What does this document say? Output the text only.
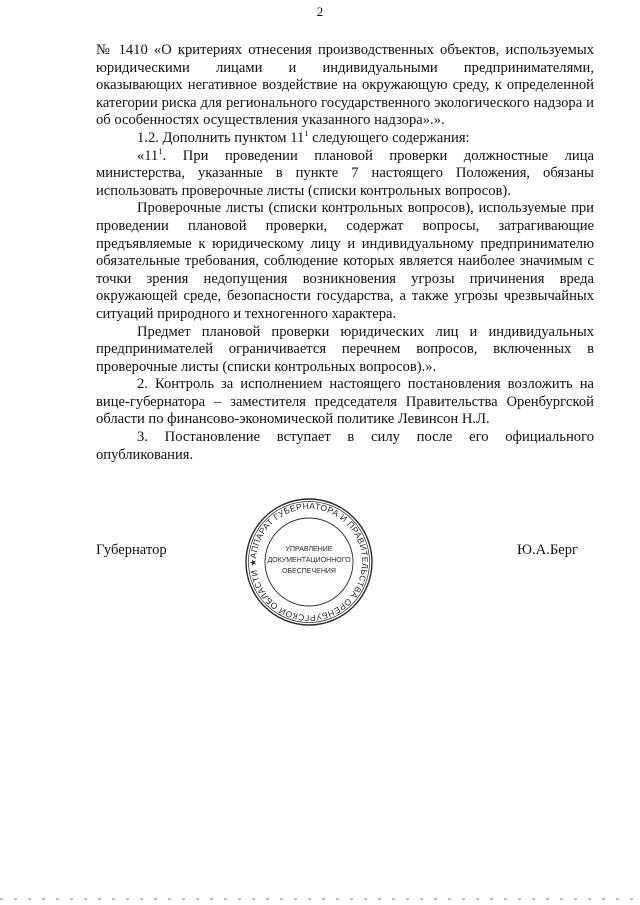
2

№ 1410 «О критериях отнесения производственных объектов, используемых юридическими лицами и индивидуальными предпринимателями, оказывающих негативное воздействие на окружающую среду, к определенной категории риска для регионального государственного экологического надзора и об особенностях осуществления указанного надзора».».

1.2. Дополнить пунктом $11^1$ следующего содержания:

«$11^1$. При проведении плановой проверки должностные лица министерства, указанные в пункте 7 настоящего Положения, обязаны использовать проверочные листы (списки контрольных вопросов).

Проверочные листы (списки контрольных вопросов), используемые при проведении плановой проверки, содержат вопросы, затрагивающие предъявляемые к юридическому лицу и индивидуальному предпринимателю обязательные требования, соблюдение которых является наиболее значимым с точки зрения недопущения возникновения угрозы причинения вреда окружающей среде, безопасности государства, а также угрозы чрезвычайных ситуаций природного и техногенного характера.

Предмет плановой проверки юридических лиц и индивидуальных предпринимателей ограничивается перечнем вопросов, включенных в проверочные листы (списки контрольных вопросов).».

2. Контроль за исполнением настоящего постановления возложить на вице-губернатора – заместителя председателя Правительства Оренбургской области по финансово-экономической политике Левинсон Н.Л.

3. Постановление вступает в силу после его официального опубликования.

Губернатор	Ю.А.Берг
АППАРАТ ГУБЕРНАТОРА И ПРАВИТЕЛЬСТВА ОРЕНБУРГСКОЙ ОБЛАСТИ ★
УПРАВЛЕНИЕ
ДОКУМЕНТАЦИОННОГО
ОБЕСПЕЧЕНИЯ
